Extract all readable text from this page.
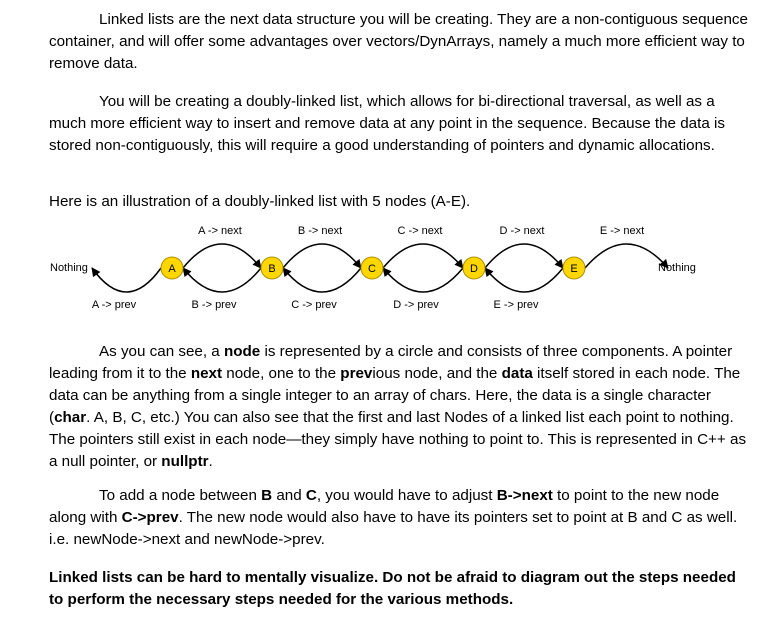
Linked lists are the next data structure you will be creating. They are a non-contiguous sequence container, and will offer some advantages over vectors/DynArrays, namely a much more efficient way to remove data.

You will be creating a doubly-linked list, which allows for bi-directional traversal, as well as a much more efficient way to insert and remove data at any point in the sequence. Because the data is stored non-contiguously, this will require a good understanding of pointers and dynamic allocations.

Here is an illustration of a doubly-linked list with 5 nodes (A-E).

A	B	C	D	E
A -> next	B -> next	C -> next	D -> next	E -> next
A -> prev	B -> prev	C -> prev	D -> prev	E -> prev
Nothing	Nothing

As you can see, a node is represented by a circle and consists of three components. A pointer leading from it to the next node, one to the previous node, and the data itself stored in each node. The data can be anything from a single integer to an array of chars. Here, the data is a single character (char. A, B, C, etc.) You can also see that the first and last Nodes of a linked list each point to nothing. The pointers still exist in each node—they simply have nothing to point to. This is represented in C++ as a null pointer, or nullptr.

To add a node between B and C, you would have to adjust B->next to point to the new node along with C->prev. The new node would also have to have its pointers set to point at B and C as well. i.e. newNode->next and newNode->prev.

Linked lists can be hard to mentally visualize. Do not be afraid to diagram out the steps needed to perform the necessary steps needed for the various methods.
